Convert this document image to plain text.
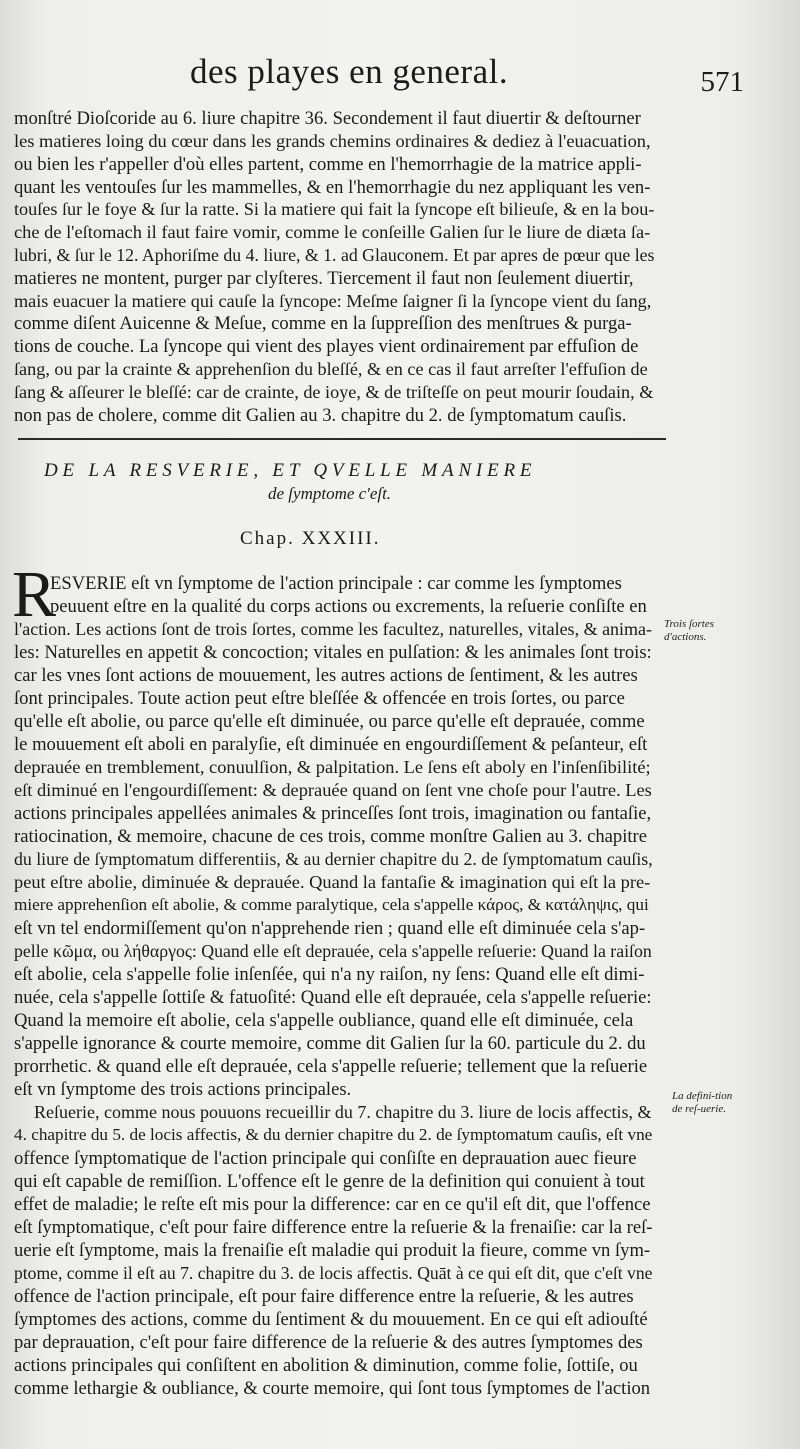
des playes en general.	571
monſtré Dioſcoride au 6. liure chapitre 36. Secondement il faut diuertir & deſtourner
les matieres loing du cœur dans les grands chemins ordinaires & dediez à l'euacuation,
ou bien les r'appeller d'où elles partent, comme en l'hemorrhagie de la matrice appli-
quant les ventouſes ſur les mammelles, & en l'hemorrhagie du nez appliquant les ven-
touſes ſur le foye & ſur la ratte. Si la matiere qui fait la ſyncope eſt bilieuſe, & en la bou-
che de l'eſtomach il faut faire vomir, comme le conſeille Galien ſur le liure de diæta ſa-
lubri, & ſur le 12. Aphoriſme du 4. liure, & 1. ad Glauconem. Et par apres de pœur que les
matieres ne montent, purger par clyſteres. Tiercement il faut non ſeulement diuertir,
mais euacuer la matiere qui cauſe la ſyncope: Meſme ſaigner ſi la ſyncope vient du ſang,
comme diſent Auicenne & Meſue, comme en la ſuppreſſion des menſtrues & purga-
tions de couche. La ſyncope qui vient des playes vient ordinairement par effuſion de
ſang, ou par la crainte & apprehenſion du bleſſé, & en ce cas il faut arreſter l'effuſion de
ſang & aſſeurer le bleſſé: car de crainte, de ioye, & de triſteſſe on peut mourir ſoudain, &
non pas de cholere, comme dit Galien au 3. chapitre du 2. de ſymptomatum cauſis.
DE LA RESVERIE, ET QVELLE MANIERE
de ſymptome c'eſt.
Chap. XXXIII.
R
ESVERIE eſt vn ſymptome de l'action principale : car comme les ſymptomes
peuuent eſtre en la qualité du corps actions ou excrements, la reſuerie conſiſte en
l'action. Les actions ſont de trois ſortes, comme les facultez, naturelles, vitales, & anima-
les: Naturelles en appetit & concoction; vitales en pulſation: & les animales ſont trois:
car les vnes ſont actions de mouuement, les autres actions de ſentiment, & les autres
ſont principales. Toute action peut eſtre bleſſée & offencée en trois ſortes, ou parce
qu'elle eſt abolie, ou parce qu'elle eſt diminuée, ou parce qu'elle eſt deprauée, comme
le mouuement eſt aboli en paralyſie, eſt diminuée en engourdiſſement & peſanteur, eſt
deprauée en tremblement, conuulſion, & palpitation. Le ſens eſt aboly en l'inſenſibilité;
eſt diminué en l'engourdiſſement: & deprauée quand on ſent vne choſe pour l'autre. Les
actions principales appellées animales & princeſſes ſont trois, imagination ou fantaſie,
ratiocination, & memoire, chacune de ces trois, comme monſtre Galien au 3. chapitre
du liure de ſymptomatum differentiis, & au dernier chapitre du 2. de ſymptomatum cauſis,
peut eſtre abolie, diminuée & deprauée. Quand la fantaſie & imagination qui eſt la pre-
miere apprehenſion eſt abolie, & comme paralytique, cela s'appelle κάρος, & κατάληψις, qui
eſt vn tel endormiſſement qu'on n'apprehende rien ; quand elle eſt diminuée cela s'ap-
pelle κῶμα, ou λήθαργος: Quand elle eſt deprauée, cela s'appelle reſuerie: Quand la raiſon
eſt abolie, cela s'appelle folie inſenſée, qui n'a ny raiſon, ny ſens: Quand elle eſt dimi-
nuée, cela s'appelle ſottiſe & fatuoſité: Quand elle eſt deprauée, cela s'appelle reſuerie:
Quand la memoire eſt abolie, cela s'appelle oubliance, quand elle eſt diminuée, cela
s'appelle ignorance & courte memoire, comme dit Galien ſur la 60. particule du 2. du
prorrhetic. & quand elle eſt deprauée, cela s'appelle reſuerie; tellement que la reſuerie
eſt vn ſymptome des trois actions principales.
Reſuerie, comme nous pouuons recueillir du 7. chapitre du 3. liure de locis affectis, &
4. chapitre du 5. de locis affectis, & du dernier chapitre du 2. de ſymptomatum cauſis, eſt vne
offence ſymptomatique de l'action principale qui conſiſte en deprauation auec fieure
qui eſt capable de remiſſion. L'offence eſt le genre de la definition qui conuient à tout
effet de maladie; le reſte eſt mis pour la difference: car en ce qu'il eſt dit, que l'offence
eſt ſymptomatique, c'eſt pour faire difference entre la reſuerie & la frenaiſie: car la reſ-
uerie eſt ſymptome, mais la frenaiſie eſt maladie qui produit la fieure, comme vn ſym-
ptome, comme il eſt au 7. chapitre du 3. de locis affectis. Quāt à ce qui eſt dit, que c'eſt vne
offence de l'action principale, eſt pour faire difference entre la reſuerie, & les autres
ſymptomes des actions, comme du ſentiment & du mouuement. En ce qui eſt adiouſté
par deprauation, c'eſt pour faire difference de la reſuerie & des autres ſymptomes des
actions principales qui conſiſtent en abolition & diminution, comme folie, ſottiſe, ou
comme lethargie & oubliance, & courte memoire, qui ſont tous ſymptomes de l'action
Trois ſortes d'actions.
La defini-tion de reſ-uerie.
